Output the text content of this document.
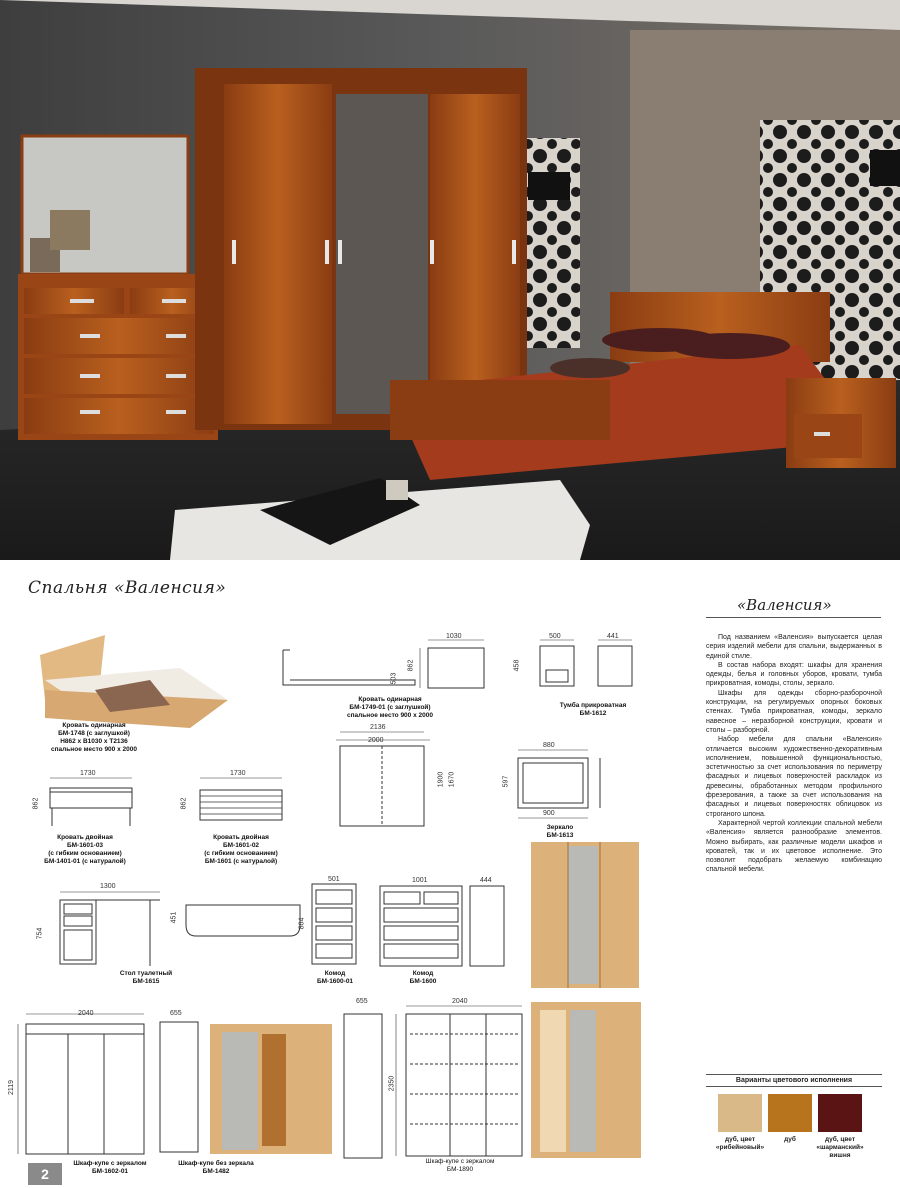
Спальня «Валенсия»
«Валенсия»

Под названием «Валенсия» выпускается целая серия изделий мебели для спальни, выдержанных в единой стиле.

В состав набора входят: шкафы для хранения одежды, белья и головных уборов, кровати, тумба прикроватная, комоды, столы, зеркало.

Шкафы для одежды сборно-разборочной конструкции, на регулируемых опорных боковых стенках. Тумба прикроватная, комоды, зеркало навесное – неразборной конструкции, кровати и столы – разборной.

Набор мебели для спальни «Валенсия» отличается высоким художественно-декоративным исполнением, повышенной функциональностью, эстетичностью за счет использования по периметру фасадных и лицевых поверхностей раскладок из древесины, обработанных методом профильного фрезерования, а также за счет использования на фасадных и лицевых поверхностях облицовок из строганого шпона.

Характерной чертой коллекции спальной мебели «Валенсия» является разнообразие элементов. Можно выбирать, как различные модели шкафов и кроватей, так и их цветовое исполнение. Это позволит подобрать желаемую комбинацию спальной мебели.

1030
862
503
500	441
458
2136
2000
1900 1670
880
900
597
1730	1730
862	862
1300
754
451
501	1001	444
864
2040	655
2119
655	2040
2350
Кровать одинарная
БМ-1748 (с заглушкой)
Н862 х В1030 х Т2136
спальное место 900 х 2000
Кровать одинарная
БМ-1749-01 (с заглушкой)
спальное место 900 х 2000
Тумба прикроватная
БМ-1612
Зеркало
БМ-1613
Кровать двойная
БМ-1601-03
(с гибким основанием)
БМ-1401-01 (с натуралой)
Кровать двойная
БМ-1601-02
(с гибким основанием)
БМ-1601 (с натуралой)
Стол туалетный
БМ-1615
Комод
БМ-1600-01
Комод
БМ-1600
Шкаф-купе с зеркалом
БМ-1602-01
Шкаф-купе без зеркала
БМ-1482
Шкаф-купе с зеркалом
БМ-1890
Варианты цветового исполнения
дуб, цвет «рибейновый»
дуб	дуб, цвет «шарманский» вишня
2
